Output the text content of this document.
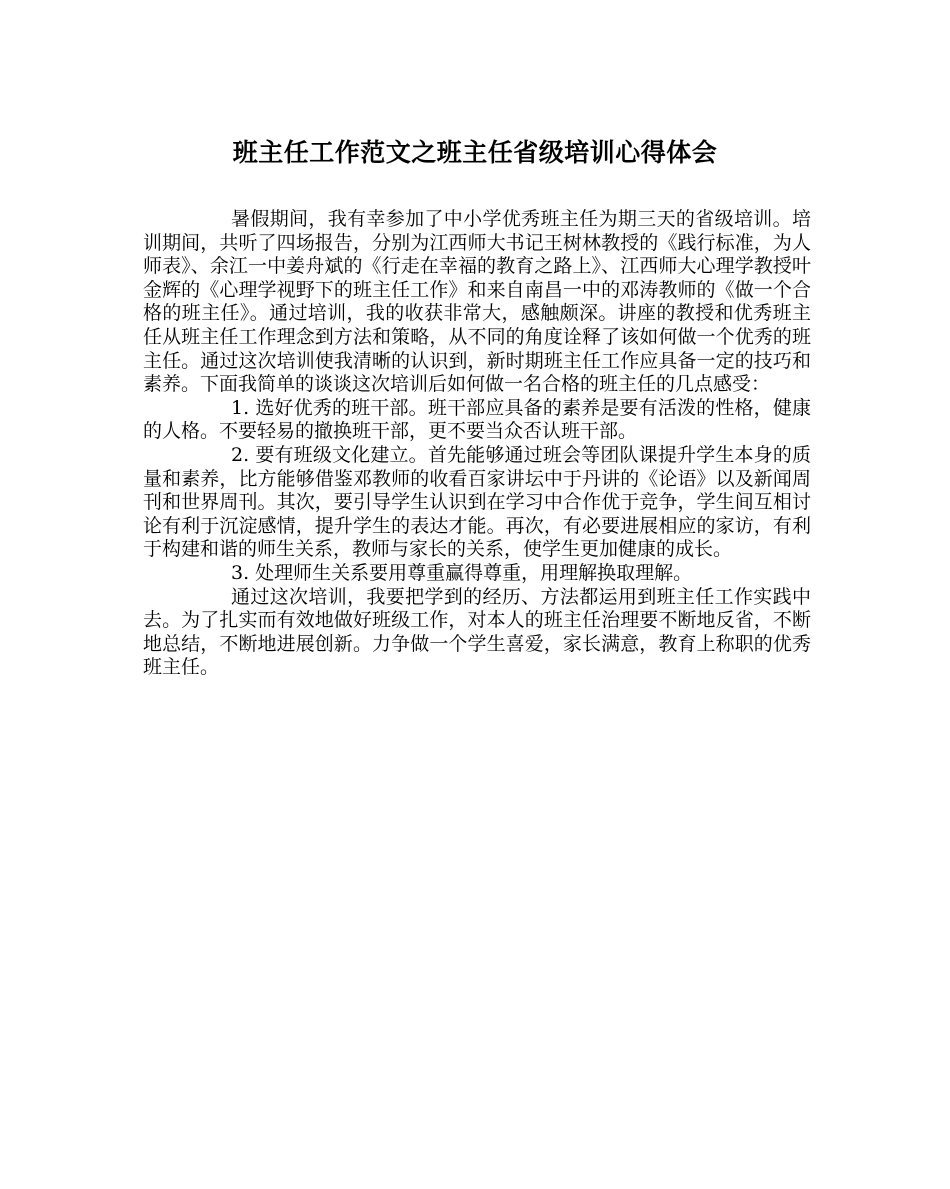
班主任工作范文之班主任省级培训心得体会

暑假期间，我有幸参加了中小学优秀班主任为期三天的省级培训。培训期间，共听了四场报告，分别为江西师大书记王树林教授的《践行标准，为人师表》、余江一中姜舟斌的《行走在幸福的教育之路上》、江西师大心理学教授叶金辉的《心理学视野下的班主任工作》和来自南昌一中的邓涛教师的《做一个合格的班主任》。通过培训，我的收获非常大，感触颇深。讲座的教授和优秀班主任从班主任工作理念到方法和策略，从不同的角度诠释了该如何做一个优秀的班主任。通过这次培训使我清晰的认识到，新时期班主任工作应具备一定的技巧和素养。下面我简单的谈谈这次培训后如何做一名合格的班主任的几点感受：

1. 选好优秀的班干部。班干部应具备的素养是要有活泼的性格，健康的人格。不要轻易的撤换班干部，更不要当众否认班干部。

2. 要有班级文化建立。首先能够通过班会等团队课提升学生本身的质量和素养，比方能够借鉴邓教师的收看百家讲坛中于丹讲的《论语》以及新闻周刊和世界周刊。其次，要引导学生认识到在学习中合作优于竞争，学生间互相讨论有利于沉淀感情，提升学生的表达才能。再次，有必要进展相应的家访，有利于构建和谐的师生关系，教师与家长的关系，使学生更加健康的成长。

3. 处理师生关系要用尊重赢得尊重，用理解换取理解。

通过这次培训，我要把学到的经历、方法都运用到班主任工作实践中去。为了扎实而有效地做好班级工作，对本人的班主任治理要不断地反省，不断地总结，不断地进展创新。力争做一个学生喜爱，家长满意，教育上称职的优秀班主任。
